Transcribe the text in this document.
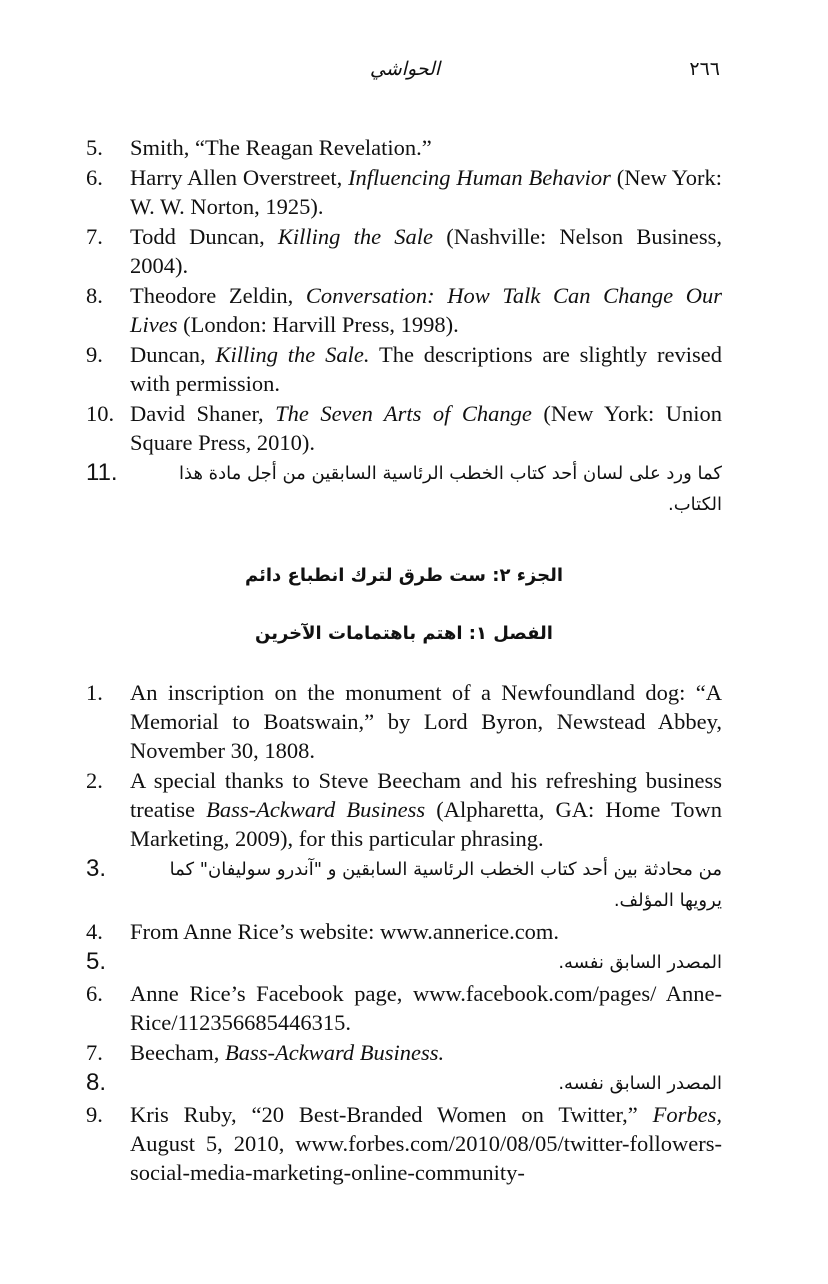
الحواشي	٢٦٦
5. Smith, “The Reagan Revelation.”
6. Harry Allen Overstreet, Influencing Human Behavior (New York: W. W. Norton, 1925).
7. Todd Duncan, Killing the Sale (Nashville: Nelson Business, 2004).
8. Theodore Zeldin, Conversation: How Talk Can Change Our Lives (London: Harvill Press, 1998).
9. Duncan, Killing the Sale. The descriptions are slightly revised with permission.
10. David Shaner, The Seven Arts of Change (New York: Union Square Press, 2010).
11.	كما ورد على لسان أحد كتاب الخطب الرئاسية السابقين من أجل مادة هذا الكتاب.
الجزء ٢: ست طرق لترك انطباع دائم
الفصل ١: اهتم باهتمامات الآخرين
1. An inscription on the monument of a Newfoundland dog: “A Memorial to Boatswain,” by Lord Byron, Newstead Abbey, November 30, 1808.
2. A special thanks to Steve Beecham and his refreshing business treatise Bass-Ackward Business (Alpharetta, GA: Home Town Marketing, 2009), for this particular phrasing.
3.	من محادثة بين أحد كتاب الخطب الرئاسية السابقين و "آندرو سوليفان" كما يرويها المؤلف.
4. From Anne Rice’s website: www.annerice.com.
5.	المصدر السابق نفسه.
6. Anne Rice’s Facebook page, www.facebook.com/pages/ Anne-Rice/112356685446315.
7. Beecham, Bass-Ackward Business.
8.	المصدر السابق نفسه.
9. Kris Ruby, “20 Best-Branded Women on Twitter,” Forbes, August 5, 2010, www.forbes.com/2010/08/05/twitter-followers-social-media-marketing-online-community-
